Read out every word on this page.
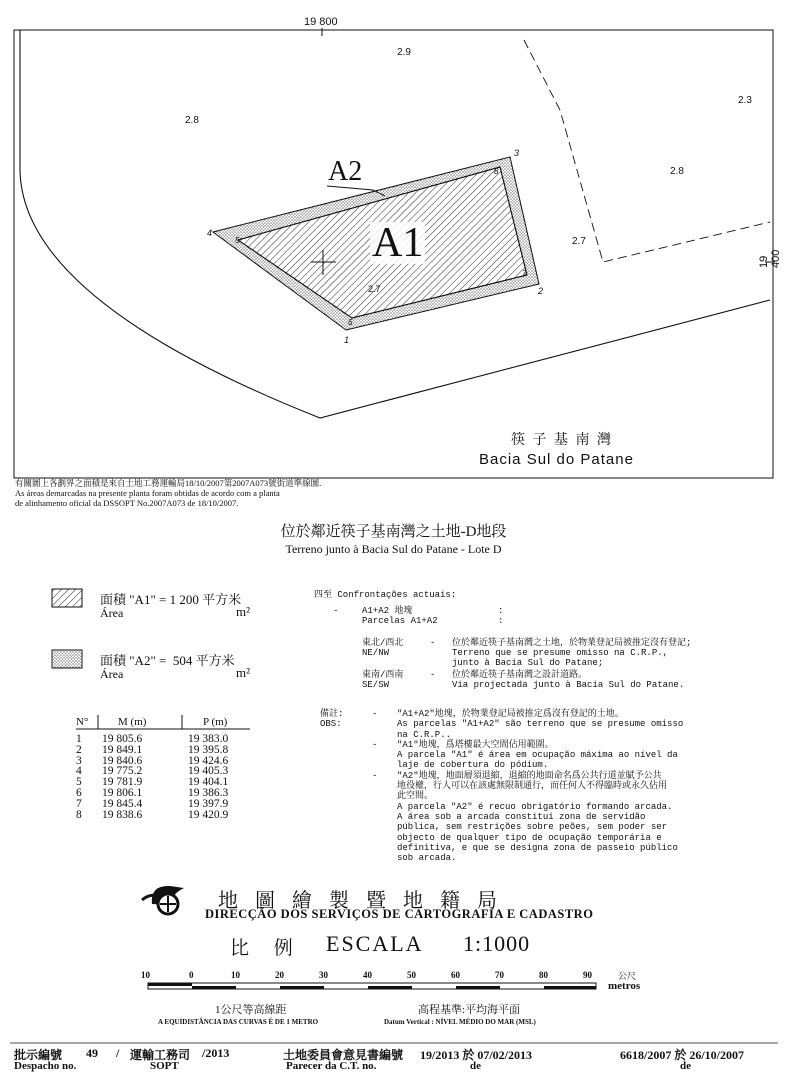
19 800
19 400
2.9
2.8
2.3
2.8
2.7
2.7
1
2
3
4
5
6
7
8
A1
A2
筷 子 基 南 灣
Bacia Sul do Patane
有關圖上各劃界之面積是來自土地工務運輸局18/10/2007第2007A073號街道準線圖.
As áreas demarcadas na presente planta foram obtidas de acordo com a planta
de alinhamento oficial da DSSOPT No.2007A073 de 18/10/2007.
位於鄰近筷子基南灣之土地-D地段
Terreno junto à Bacia Sul do Patane - Lote D
面積 "A1" = 1 200 平方米
Área	m²
面積 "A2" =  504 平方米
Área	m²
N°	M (m)	P (m)
1	19 805.6	19 383.0
2	19 849.1	19 395.8
3	19 840.6	19 424.6
4	19 775.2	19 405.3
5	19 781.9	19 404.1
6	19 806.1	19 386.3
7	19 845.4	19 397.9
8	19 838.6	19 420.9
四至 Confrontações actuais:
-	A1+A2 地塊
Parcelas A1+A2
:
:
東北/西北
NE/NW
- 位於鄰近筷子基南灣之土地，於物業登記局被推定沒有登記;
Terreno que se presume omisso na C.R.P.,
junto à Bacia Sul do Patane;
東南/西南
SE/SW
- 位於鄰近筷子基南灣之設計道路。
Via projectada junto à Bacia Sul do Patane.
備註:
OBS:
-
-
-
"A1+A2"地塊，於物業登記局被推定爲沒有登記的土地。
As parcelas "A1+A2" são terreno que se presume omisso
na C.R.P..
"A1"地塊，爲塔樓最大空間佔用範圍。
A parcela "A1" é área em ocupação máxima ao nível da
laje de cobertura do pódium.
"A2"地塊，地面層須退縮，退縮的地面命名爲公共行道並賦予公共
地役權，行人可以在該處無限制通行，而任何人不得臨時或永久佔用
此空間。
A parcela "A2" é recuo obrigatório formando arcada.
A área sob a arcada constitui zona de servidão
pública, sem restrições sobre peões, sem poder ser
objecto de qualquer tipo de ocupação temporária e
definitiva, e que se designa zona de passeio público
sob arcada.
地 圖 繪 製 暨 地 籍 局
DIRECÇÃO DOS SERVIÇOS DE CARTOGRAFIA E CADASTRO
比 例 ESCALA 1:1000
10	0	10	20	30	40	50	60	70	80	90	公尺
metros
1公尺等高線距
A EQUIDISTÂNCIA DAS CURVAS É DE 1 METRO
高程基準:平均海平面
Datum Vertical : NÍVEL MÉDIO DO MAR (MSL)
批示編號 49 / 運輸工務司 /2013
Despacho no.	SOPT
土地委員會意見書編號 19/2013 於 07/02/2013
Parecer da C.T. no.	de
6618/2007 於 26/10/2007
de
